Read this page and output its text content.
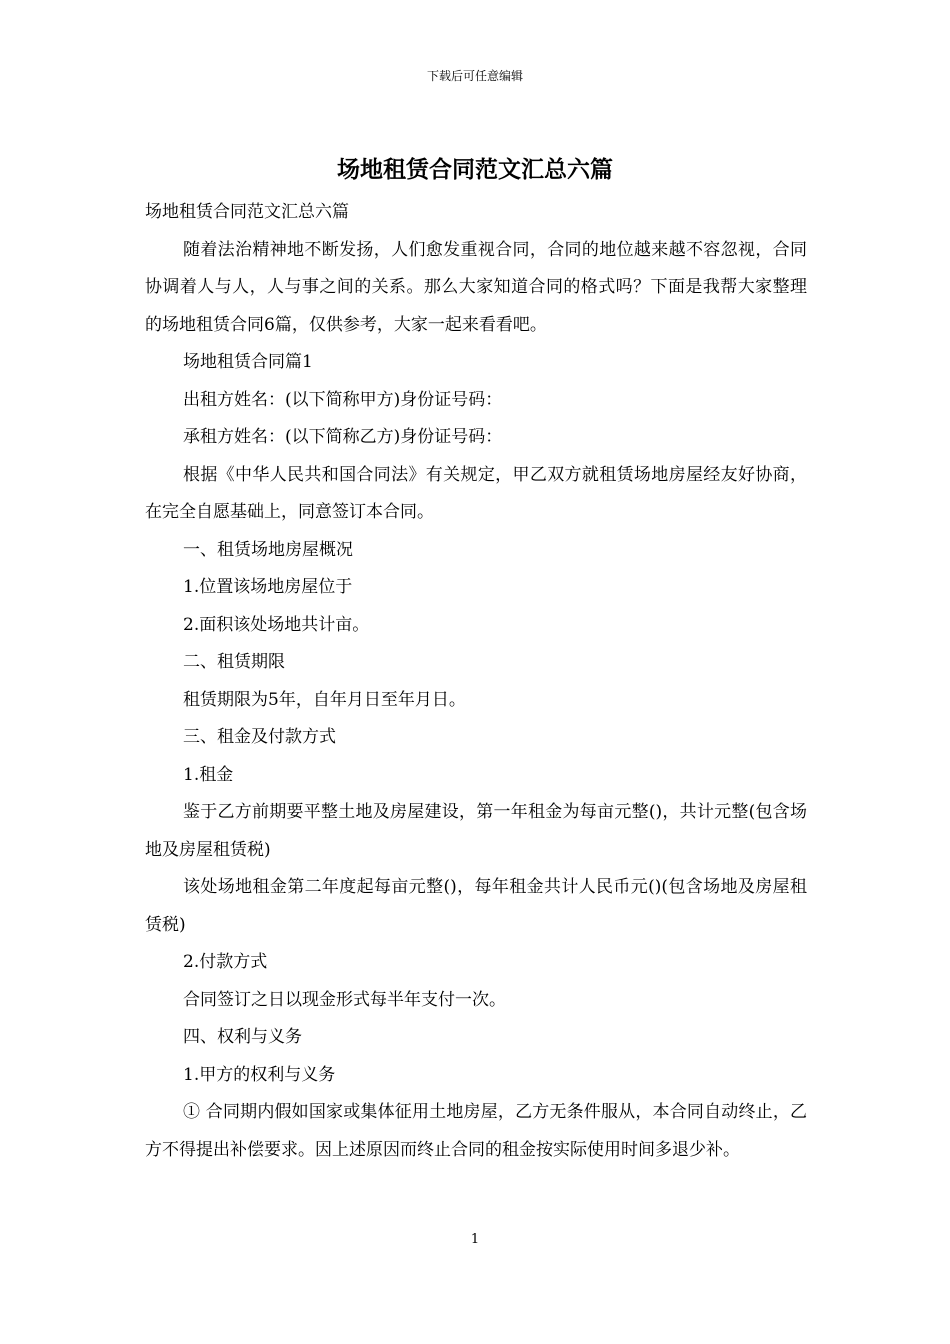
下载后可任意编辑
场地租赁合同范文汇总六篇

场地租赁合同范文汇总六篇

随着法治精神地不断发扬，人们愈发重视合同，合同的地位越来越不容忽视，合同协调着人与人，人与事之间的关系。那么大家知道合同的格式吗？下面是我帮大家整理的场地租赁合同6篇，仅供参考，大家一起来看看吧。

场地租赁合同篇1

出租方姓名：(以下简称甲方)身份证号码：

承租方姓名：(以下简称乙方)身份证号码：

根据《中华人民共和国合同法》有关规定，甲乙双方就租赁场地房屋经友好协商，在完全自愿基础上，同意签订本合同。

一、租赁场地房屋概况

1.位置该场地房屋位于

2.面积该处场地共计亩。

二、租赁期限

租赁期限为5年，自年月日至年月日。

三、租金及付款方式

1.租金

鉴于乙方前期要平整土地及房屋建设，第一年租金为每亩元整()，共计元整(包含场地及房屋租赁税)

该处场地租金第二年度起每亩元整()，每年租金共计人民币元()(包含场地及房屋租赁税)

2.付款方式

合同签订之日以现金形式每半年支付一次。

四、权利与义务

1.甲方的权利与义务

① 合同期内假如国家或集体征用土地房屋，乙方无条件服从，本合同自动终止，乙方不得提出补偿要求。因上述原因而终止合同的租金按实际使用时间多退少补。

1
